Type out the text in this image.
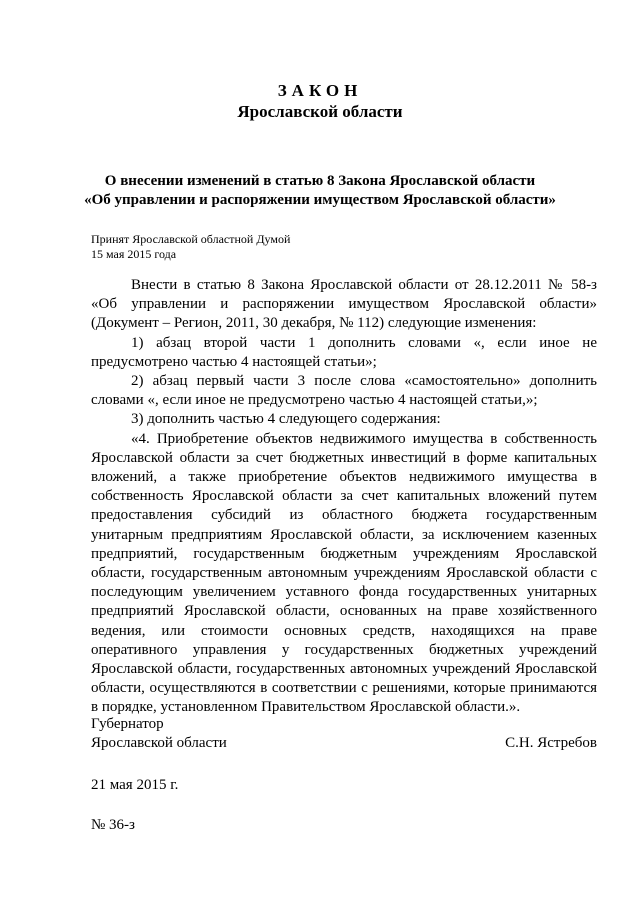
ЗАКОН
Ярославской области
О внесении изменений в статью 8 Закона Ярославской области
«Об управлении и распоряжении имуществом Ярославской области»
Принят Ярославской областной Думой
15 мая 2015 года

Внести в статью 8 Закона Ярославской области от 28.12.2011 № 58-з «Об управлении и распоряжении имуществом Ярославской области» (Документ – Регион, 2011, 30 декабря, № 112) следующие изменения:

1) абзац второй части 1 дополнить словами «, если иное не предусмотрено частью 4 настоящей статьи»;

2) абзац первый части 3 после слова «самостоятельно» дополнить словами «, если иное не предусмотрено частью 4 настоящей статьи,»;

3) дополнить частью 4 следующего содержания:

«4. Приобретение объектов недвижимого имущества в собственность Ярославской области за счет бюджетных инвестиций в форме капитальных вложений, а также приобретение объектов недвижимого имущества в собственность Ярославской области за счет капитальных вложений путем предоставления субсидий из областного бюджета государственным унитарным предприятиям Ярославской области, за исключением казенных предприятий, государственным бюджетным учреждениям Ярославской области, государственным автономным учреждениям Ярославской области с последующим увеличением уставного фонда государственных унитарных предприятий Ярославской области, основанных на праве хозяйственного ведения, или стоимости основных средств, находящихся на праве оперативного управления у государственных бюджетных учреждений Ярославской области, государственных автономных учреждений Ярославской области, осуществляются в соответствии с решениями, которые принимаются в порядке, установленном Правительством Ярославской области.».

Губернатор
Ярославской области	С.Н. Ястребов
21 мая 2015 г.
№ 36-з
